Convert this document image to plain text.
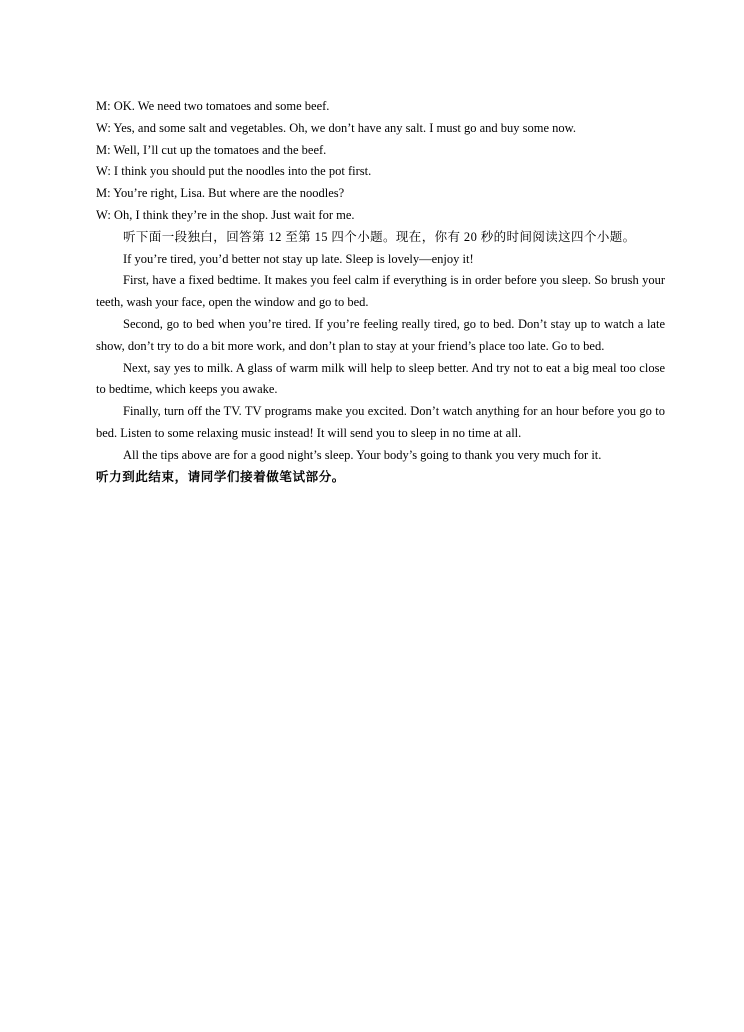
M: OK. We need two tomatoes and some beef.
W: Yes, and some salt and vegetables. Oh, we don’t have any salt. I must go and buy some now.
M: Well, I’ll cut up the tomatoes and the beef.
W: I think you should put the noodles into the pot first.
M: You’re right, Lisa. But where are the noodles?
W: Oh, I think they’re in the shop. Just wait for me.
听下面一段独白，回答第 12 至第 15 四个小题。现在，你有 20 秒的时间阅读这四个小题。
If you’re tired, you’d better not stay up late. Sleep is lovely—enjoy it!

First, have a fixed bedtime. It makes you feel calm if everything is in order before you sleep. So brush your teeth, wash your face, open the window and go to bed.

Second, go to bed when you’re tired. If you’re feeling really tired, go to bed. Don’t stay up to watch a late show, don’t try to do a bit more work, and don’t plan to stay at your friend’s place too late. Go to bed.

Next, say yes to milk. A glass of warm milk will help to sleep better. And try not to eat a big meal too close to bedtime, which keeps you awake.

Finally, turn off the TV. TV programs make you excited. Don’t watch anything for an hour before you go to bed. Listen to some relaxing music instead! It will send you to sleep in no time at all.

All the tips above are for a good night’s sleep. Your body’s going to thank you very much for it.
听力到此结束，请同学们接着做笔试部分。
